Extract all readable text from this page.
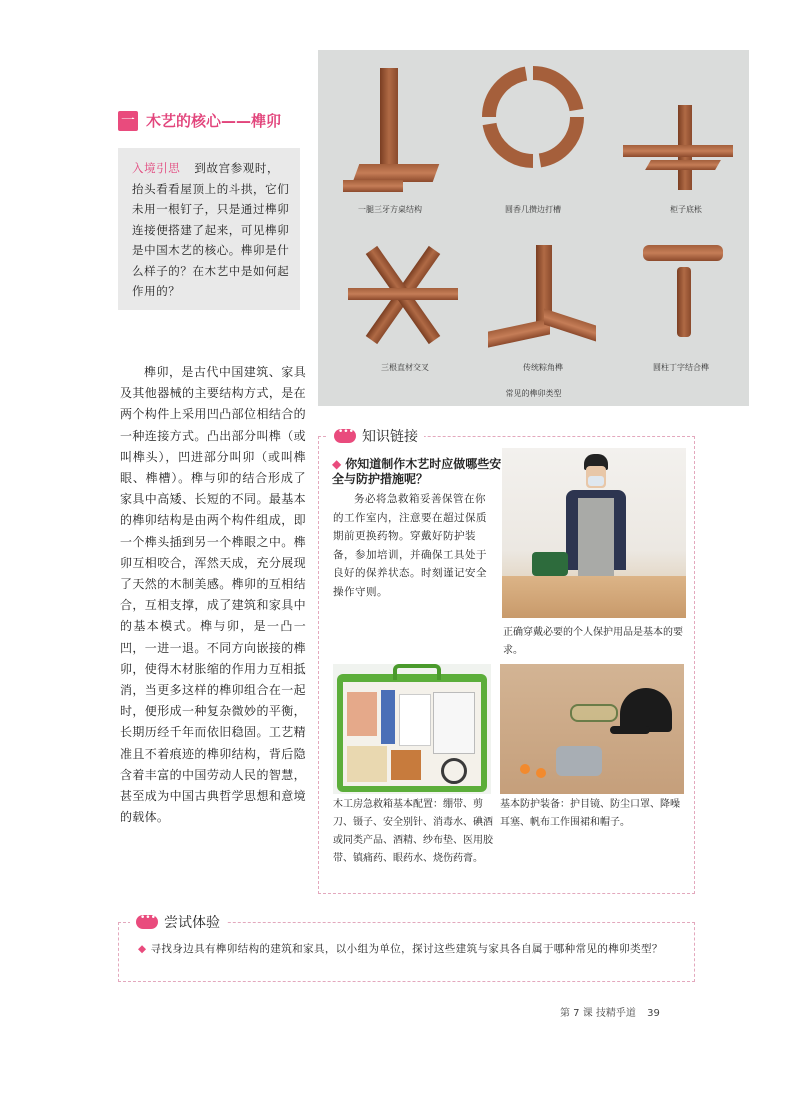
一 木艺的核心——榫卯
入境引思 到故宫参观时，抬头看看屋顶上的斗拱，它们未用一根钉子，只是通过榫卯连接便搭建了起来，可见榫卯是中国木艺的核心。榫卯是什么样子的？在木艺中是如何起作用的？
榫卯，是古代中国建筑、家具及其他器械的主要结构方式，是在两个构件上采用凹凸部位相结合的一种连接方式。凸出部分叫榫（或叫榫头），凹进部分叫卯（或叫榫眼、榫槽）。榫与卯的结合形成了家具中高矮、长短的不同。最基本的榫卯结构是由两个构件组成，即一个榫头插到另一个榫眼之中。榫卯互相咬合，浑然天成，充分展现了天然的木制美感。榫卯的互相结合，互相支撑，成了建筑和家具中的基本模式。榫与卯，是一凸一凹，一进一退。不同方向嵌接的榫卯，使得木材胀缩的作用力互相抵消，当更多这样的榫卯组合在一起时，便形成一种复杂微妙的平衡，长期历经千年而依旧稳固。工艺精准且不着痕迹的榫卯结构，背后隐含着丰富的中国劳动人民的智慧，甚至成为中国古典哲学思想和意境的载体。
一腿三牙方桌结构	圆香几攒边打槽	柜子底枨
三根直材交叉	传统粽角榫	圆柱丁字结合榫
常见的榫卯类型
•••
知识链接
◆ 你知道制作木艺时应做哪些安全与防护措施呢？
务必将急救箱妥善保管在你的工作室内，注意要在超过保质期前更换药物。穿戴好防护装备，参加培训，并确保工具处于良好的保养状态。时刻谨记安全操作守则。
正确穿戴必要的个人保护用品是基本的要求。
木工房急救箱基本配置：绷带、剪刀、镊子、安全别针、消毒水、碘酒或同类产品、酒精、纱布垫、医用胶带、镇痛药、眼药水、烧伤药膏。
基本防护装备：护目镜、防尘口罩、降噪耳塞、帆布工作围裙和帽子。
•••
尝试体验
◆ 寻找身边具有榫卯结构的建筑和家具，以小组为单位，探讨这些建筑与家具各自属于哪种常见的榫卯类型？
第 7 课 技精乎道 39
